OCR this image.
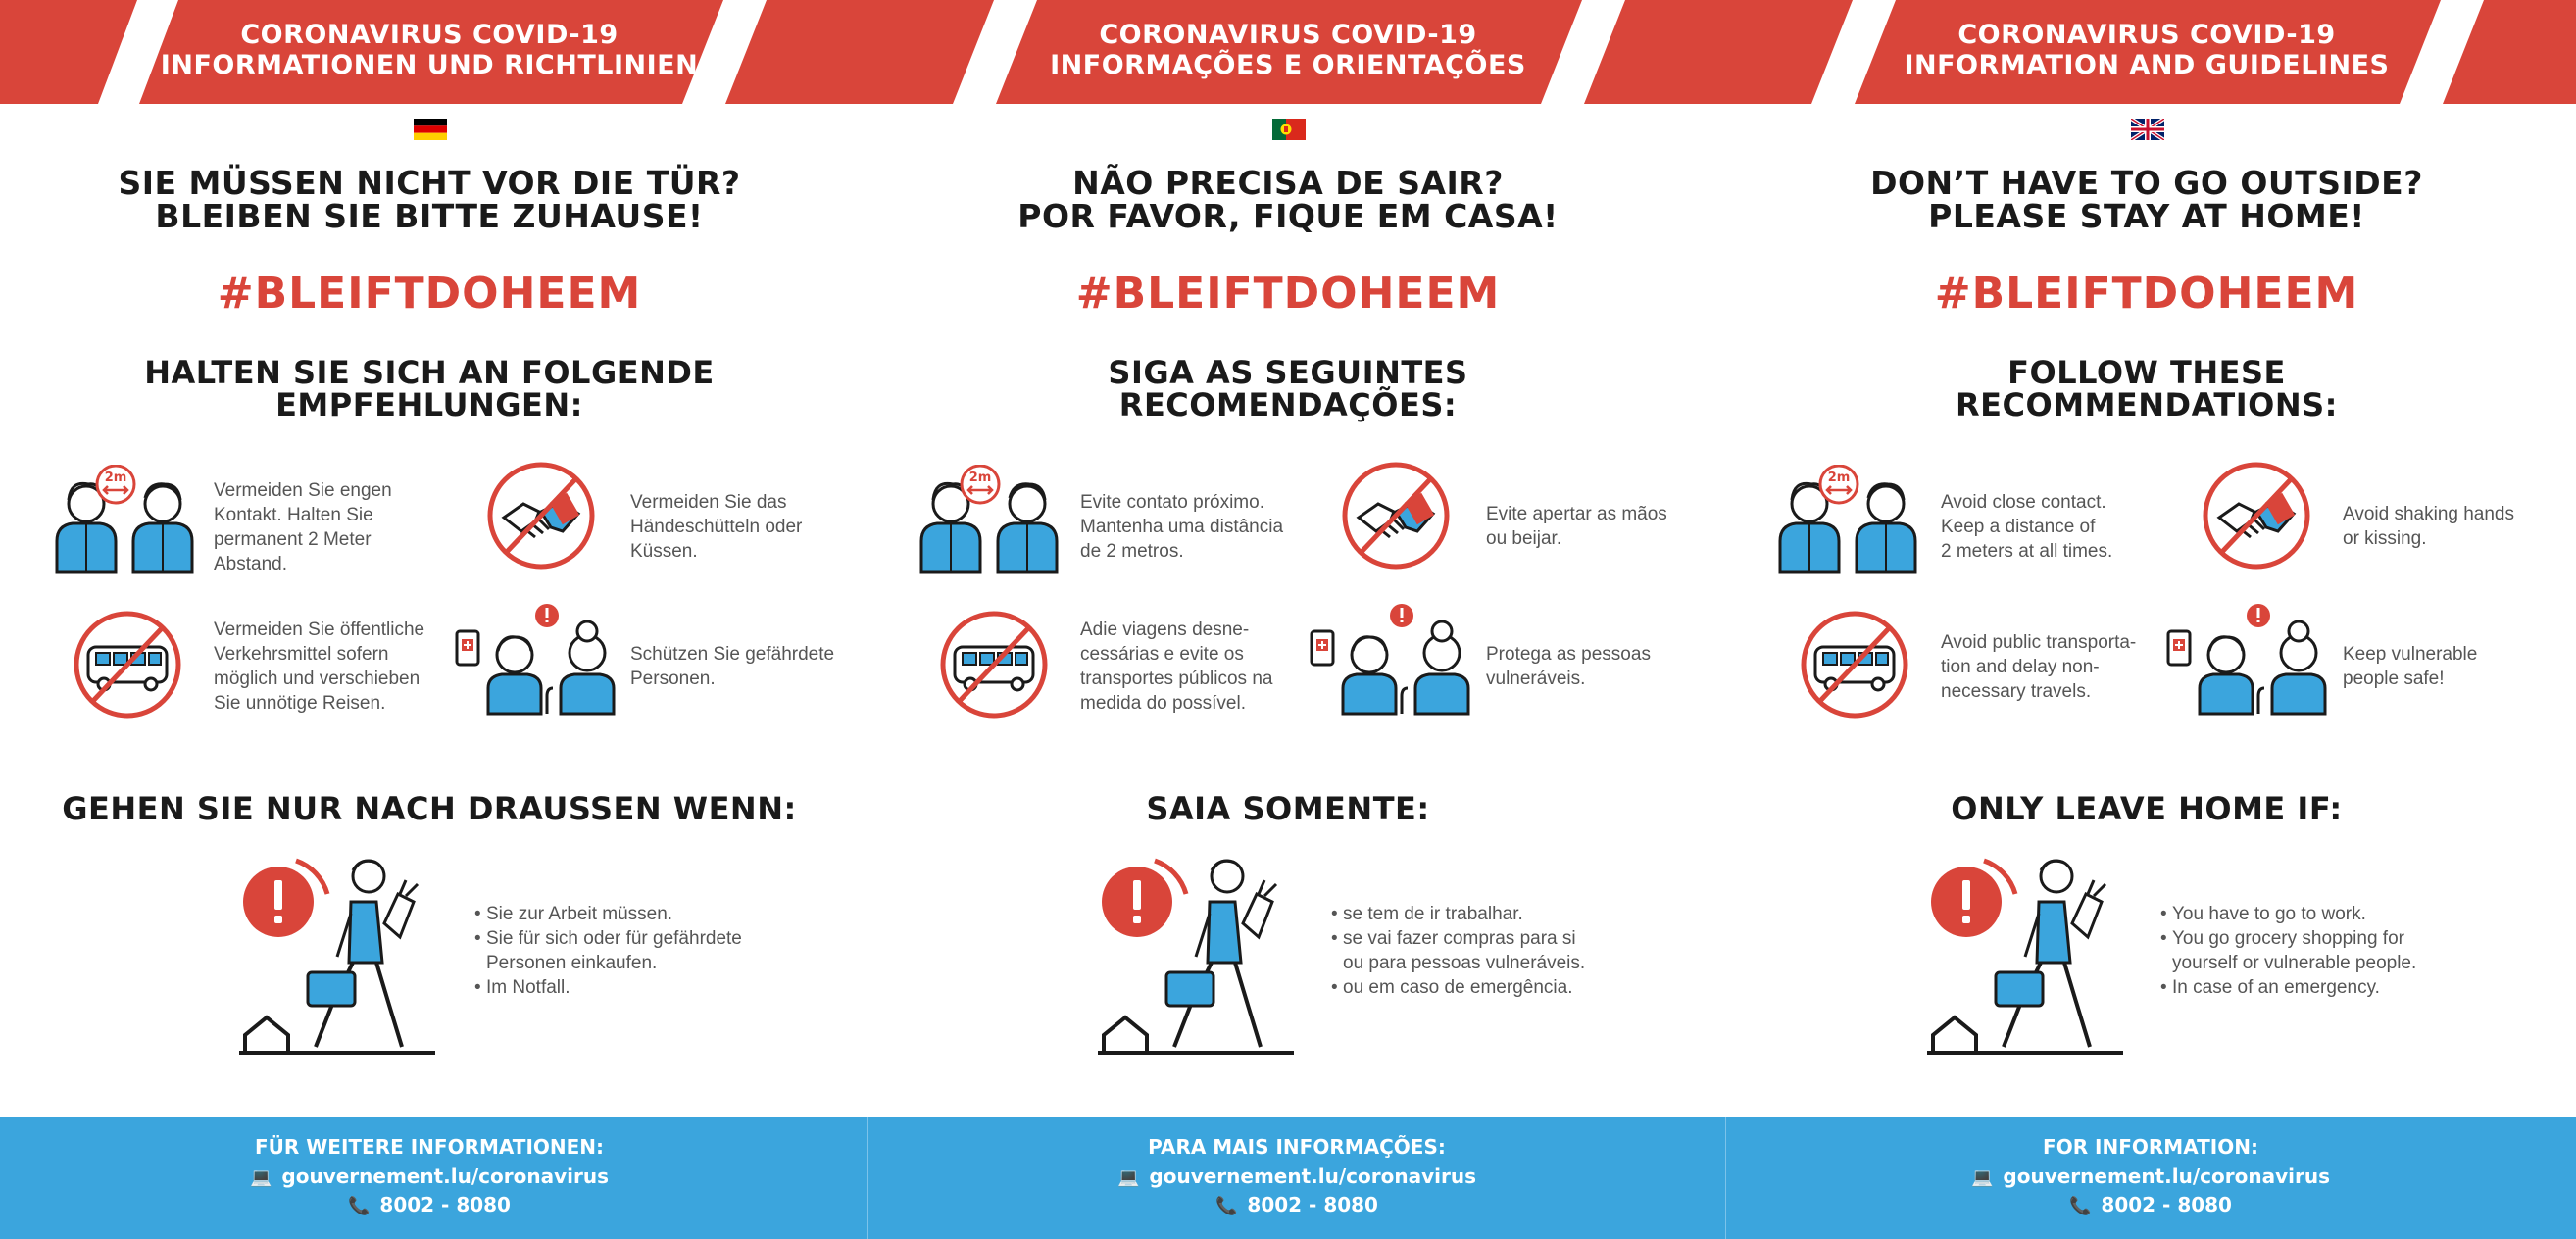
CORONAVIRUS COVID-19
INFORMATIONEN UND RICHTLINIEN
SIE MÜSSEN NICHT VOR DIE TÜR?
BLEIBEN SIE BITTE ZUHAUSE!
#BLEIFTDOHEEM
HALTEN SIE SICH AN FOLGENDE
EMPFEHLUNGEN:
2m
Vermeiden Sie engen
Kontakt. Halten Sie
permanent 2 Meter
Abstand.
Vermeiden Sie das
Händeschütteln oder
Küssen.
Vermeiden Sie öffentliche
Verkehrsmittel sofern
möglich und verschieben
Sie unnötige Reisen.
Schützen Sie gefährdete
Personen.
GEHEN SIE NUR NACH DRAUSSEN WENN:
• Sie zur Arbeit müssen.
• Sie für sich oder für gefährdete
Personen einkaufen.
• Im Notfall.
CORONAVIRUS COVID-19
INFORMAÇÕES E ORIENTAÇÕES
NÃO PRECISA DE SAIR?
POR FAVOR, FIQUE EM CASA!
#BLEIFTDOHEEM
SIGA AS SEGUINTES
RECOMENDAÇÕES:
2m
Evite contato próximo.
Mantenha uma distância
de 2 metros.
Evite apertar as mãos
ou beijar.
Adie viagens desne-
cessárias e evite os
transportes públicos na
medida do possível.
Protega as pessoas
vulneráveis.
SAIA SOMENTE:
• se tem de ir trabalhar.
• se vai fazer compras para si
ou para pessoas vulneráveis.
• ou em caso de emergência.
CORONAVIRUS COVID-19
INFORMATION AND GUIDELINES
DON’T HAVE TO GO OUTSIDE?
PLEASE STAY AT HOME!
#BLEIFTDOHEEM
FOLLOW THESE
RECOMMENDATIONS:
2m
Avoid close contact.
Keep a distance of
2 meters at all times.
Avoid shaking hands
or kissing.
Avoid public transporta-
tion and delay non-
necessary travels.
Keep vulnerable
people safe!
ONLY LEAVE HOME IF:
• You have to go to work.
• You go grocery shopping for
yourself or vulnerable people.
• In case of an emergency.
FÜR WEITERE INFORMATIONEN:
💻 gouvernement.lu/coronavirus
📞 8002 - 8080
PARA MAIS INFORMAÇÕES:
💻 gouvernement.lu/coronavirus
📞 8002 - 8080
FOR INFORMATION:
💻 gouvernement.lu/coronavirus
📞 8002 - 8080
